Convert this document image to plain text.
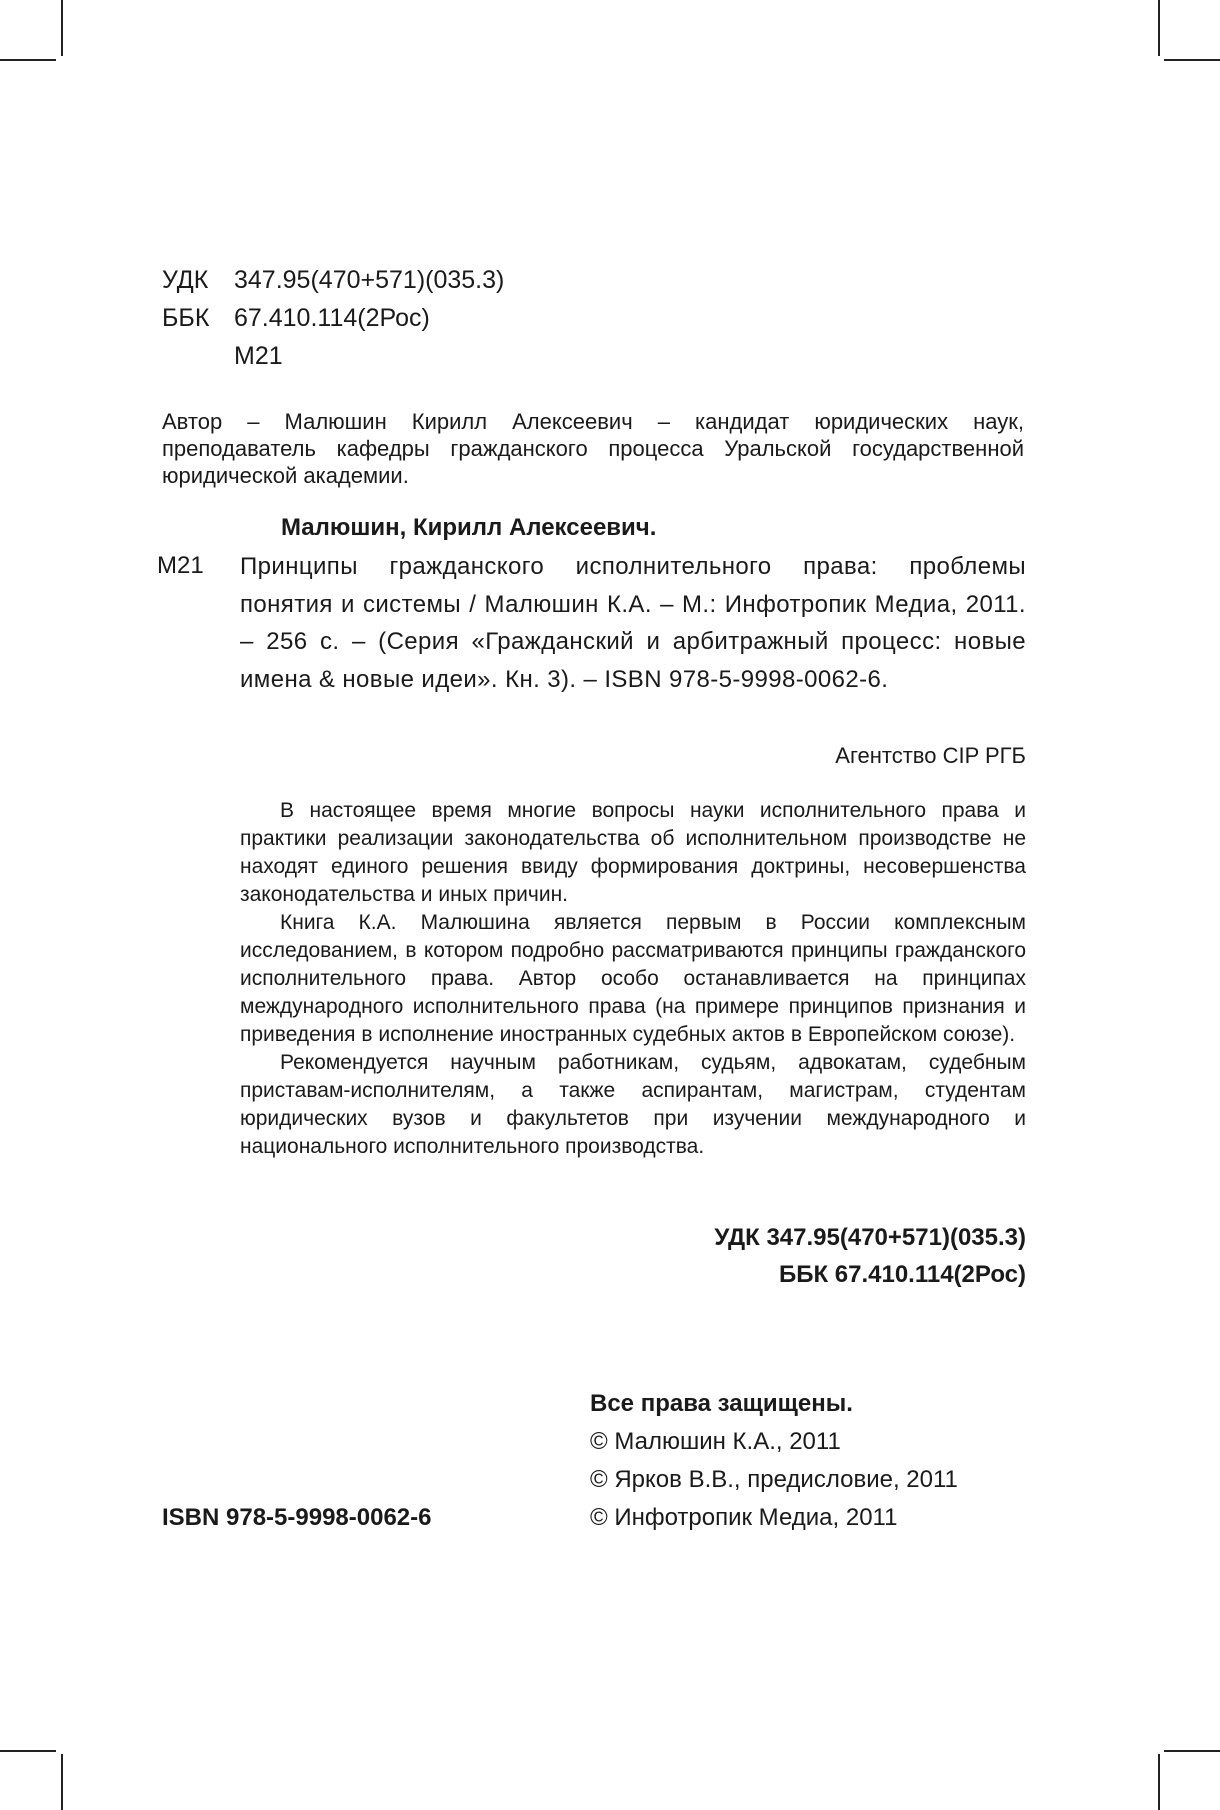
УДК 347.95(470+571)(035.3)
ББК 67.410.114(2Рос)
М21

Автор – Малюшин Кирилл Алексеевич – кандидат юридических наук, преподаватель кафедры гражданского процесса Уральской государственной юридической академии.

Малюшин, Кирилл Алексеевич.
М21 Принципы гражданского исполнительного права: проблемы понятия и системы / Малюшин К.А. – М.: Инфотропик Медиа, 2011. – 256 с. – (Серия «Гражданский и арбитражный процесс: новые имена & новые идеи». Кн. 3). – ISBN 978-5-9998-0062-6.

Агентство CIP РГБ

В настоящее время многие вопросы науки исполнительного права и практики реализации законодательства об исполнительном производстве не находят единого решения ввиду формирования доктрины, несовершенства законодательства и иных причин.

Книга К.А. Малюшина является первым в России комплексным исследованием, в котором подробно рассматриваются принципы гражданского исполнительного права. Автор особо останавливается на принципах международного исполнительного права (на примере принципов признания и приведения в исполнение иностранных судебных актов в Европейском союзе).

Рекомендуется научным работникам, судьям, адвокатам, судебным приставам-исполнителям, а также аспирантам, магистрам, студентам юридических вузов и факультетов при изучении международного и национального исполнительного производства.

УДК 347.95(470+571)(035.3)
ББК 67.410.114(2Рос)
Все права защищены.
© Малюшин К.А., 2011
© Ярков В.В., предисловие, 2011
© Инфотропик Медиа, 2011
ISBN 978-5-9998-0062-6
